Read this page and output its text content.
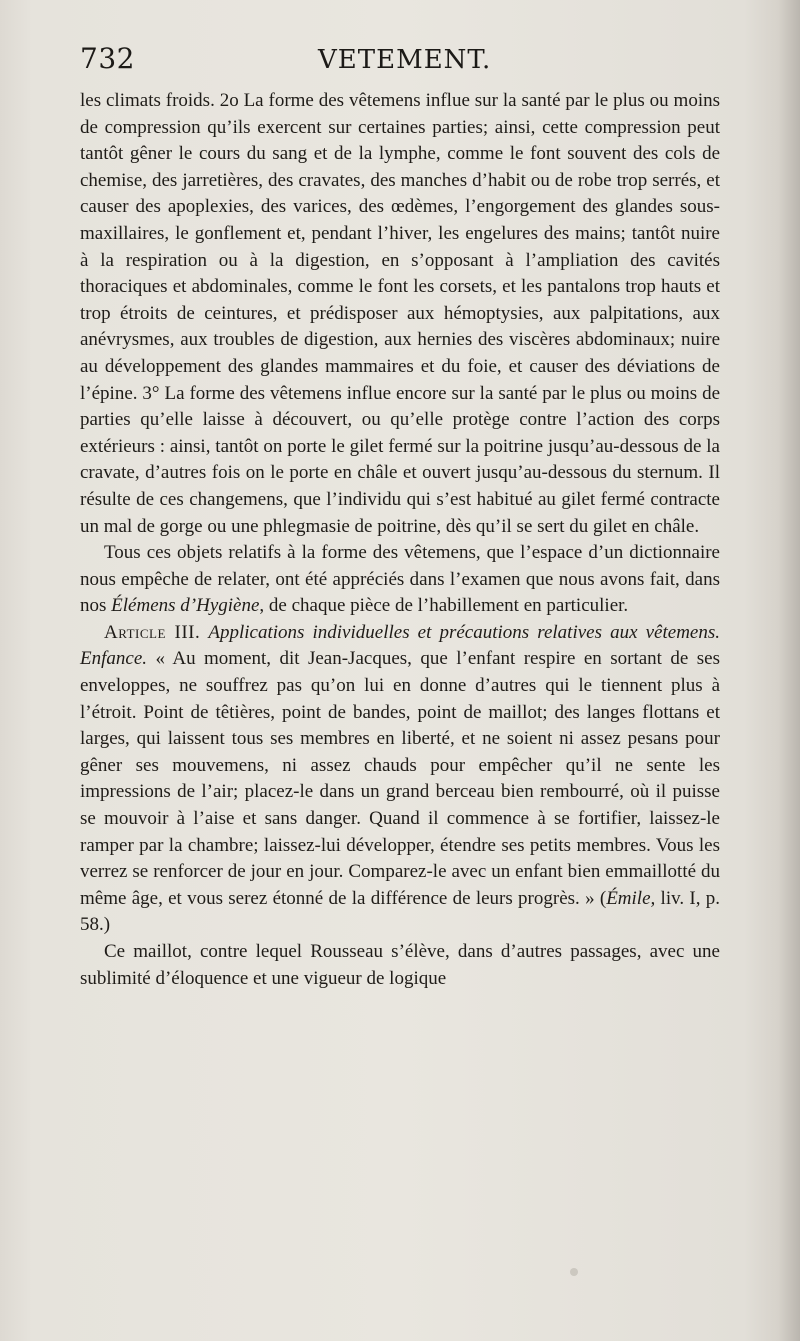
732	VETEMENT.

les climats froids. 2o La forme des vêtemens influe sur la santé par le plus ou moins de compression qu’ils exercent sur certaines parties; ainsi, cette compression peut tantôt gêner le cours du sang et de la lymphe, comme le font souvent des cols de chemise, des jarretières, des cravates, des manches d’habit ou de robe trop serrés, et causer des apoplexies, des varices, des œdèmes, l’engorgement des glandes sous-maxillaires, le gonflement et, pendant l’hiver, les engelures des mains; tantôt nuire à la respiration ou à la digestion, en s’opposant à l’ampliation des cavités thoraciques et abdominales, comme le font les corsets, et les pantalons trop hauts et trop étroits de ceintures, et prédisposer aux hémoptysies, aux palpitations, aux anévrysmes, aux troubles de digestion, aux hernies des viscères abdominaux; nuire au développement des glandes mammaires et du foie, et causer des déviations de l’épine. 3° La forme des vêtemens influe encore sur la santé par le plus ou moins de parties qu’elle laisse à découvert, ou qu’elle protège contre l’action des corps extérieurs : ainsi, tantôt on porte le gilet fermé sur la poitrine jusqu’au-dessous de la cravate, d’autres fois on le porte en châle et ouvert jusqu’au-dessous du sternum. Il résulte de ces changemens, que l’individu qui s’est habitué au gilet fermé contracte un mal de gorge ou une phlegmasie de poitrine, dès qu’il se sert du gilet en châle.

Tous ces objets relatifs à la forme des vêtemens, que l’espace d’un dictionnaire nous empêche de relater, ont été appréciés dans l’examen que nous avons fait, dans nos Élémens d’Hygiène, de chaque pièce de l’habillement en particulier.

Article III. Applications individuelles et précautions relatives aux vêtemens. Enfance. « Au moment, dit Jean-Jacques, que l’enfant respire en sortant de ses enveloppes, ne souffrez pas qu’on lui en donne d’autres qui le tiennent plus à l’étroit. Point de têtières, point de bandes, point de maillot; des langes flottans et larges, qui laissent tous ses membres en liberté, et ne soient ni assez pesans pour gêner ses mouvemens, ni assez chauds pour empêcher qu’il ne sente les impressions de l’air; placez-le dans un grand berceau bien rembourré, où il puisse se mouvoir à l’aise et sans danger. Quand il commence à se fortifier, laissez-le ramper par la chambre; laissez-lui développer, étendre ses petits membres. Vous les verrez se renforcer de jour en jour. Comparez-le avec un enfant bien emmaillotté du même âge, et vous serez étonné de la différence de leurs progrès. » (Émile, liv. I, p. 58.)

Ce maillot, contre lequel Rousseau s’élève, dans d’autres passages, avec une sublimité d’éloquence et une vigueur de logique
